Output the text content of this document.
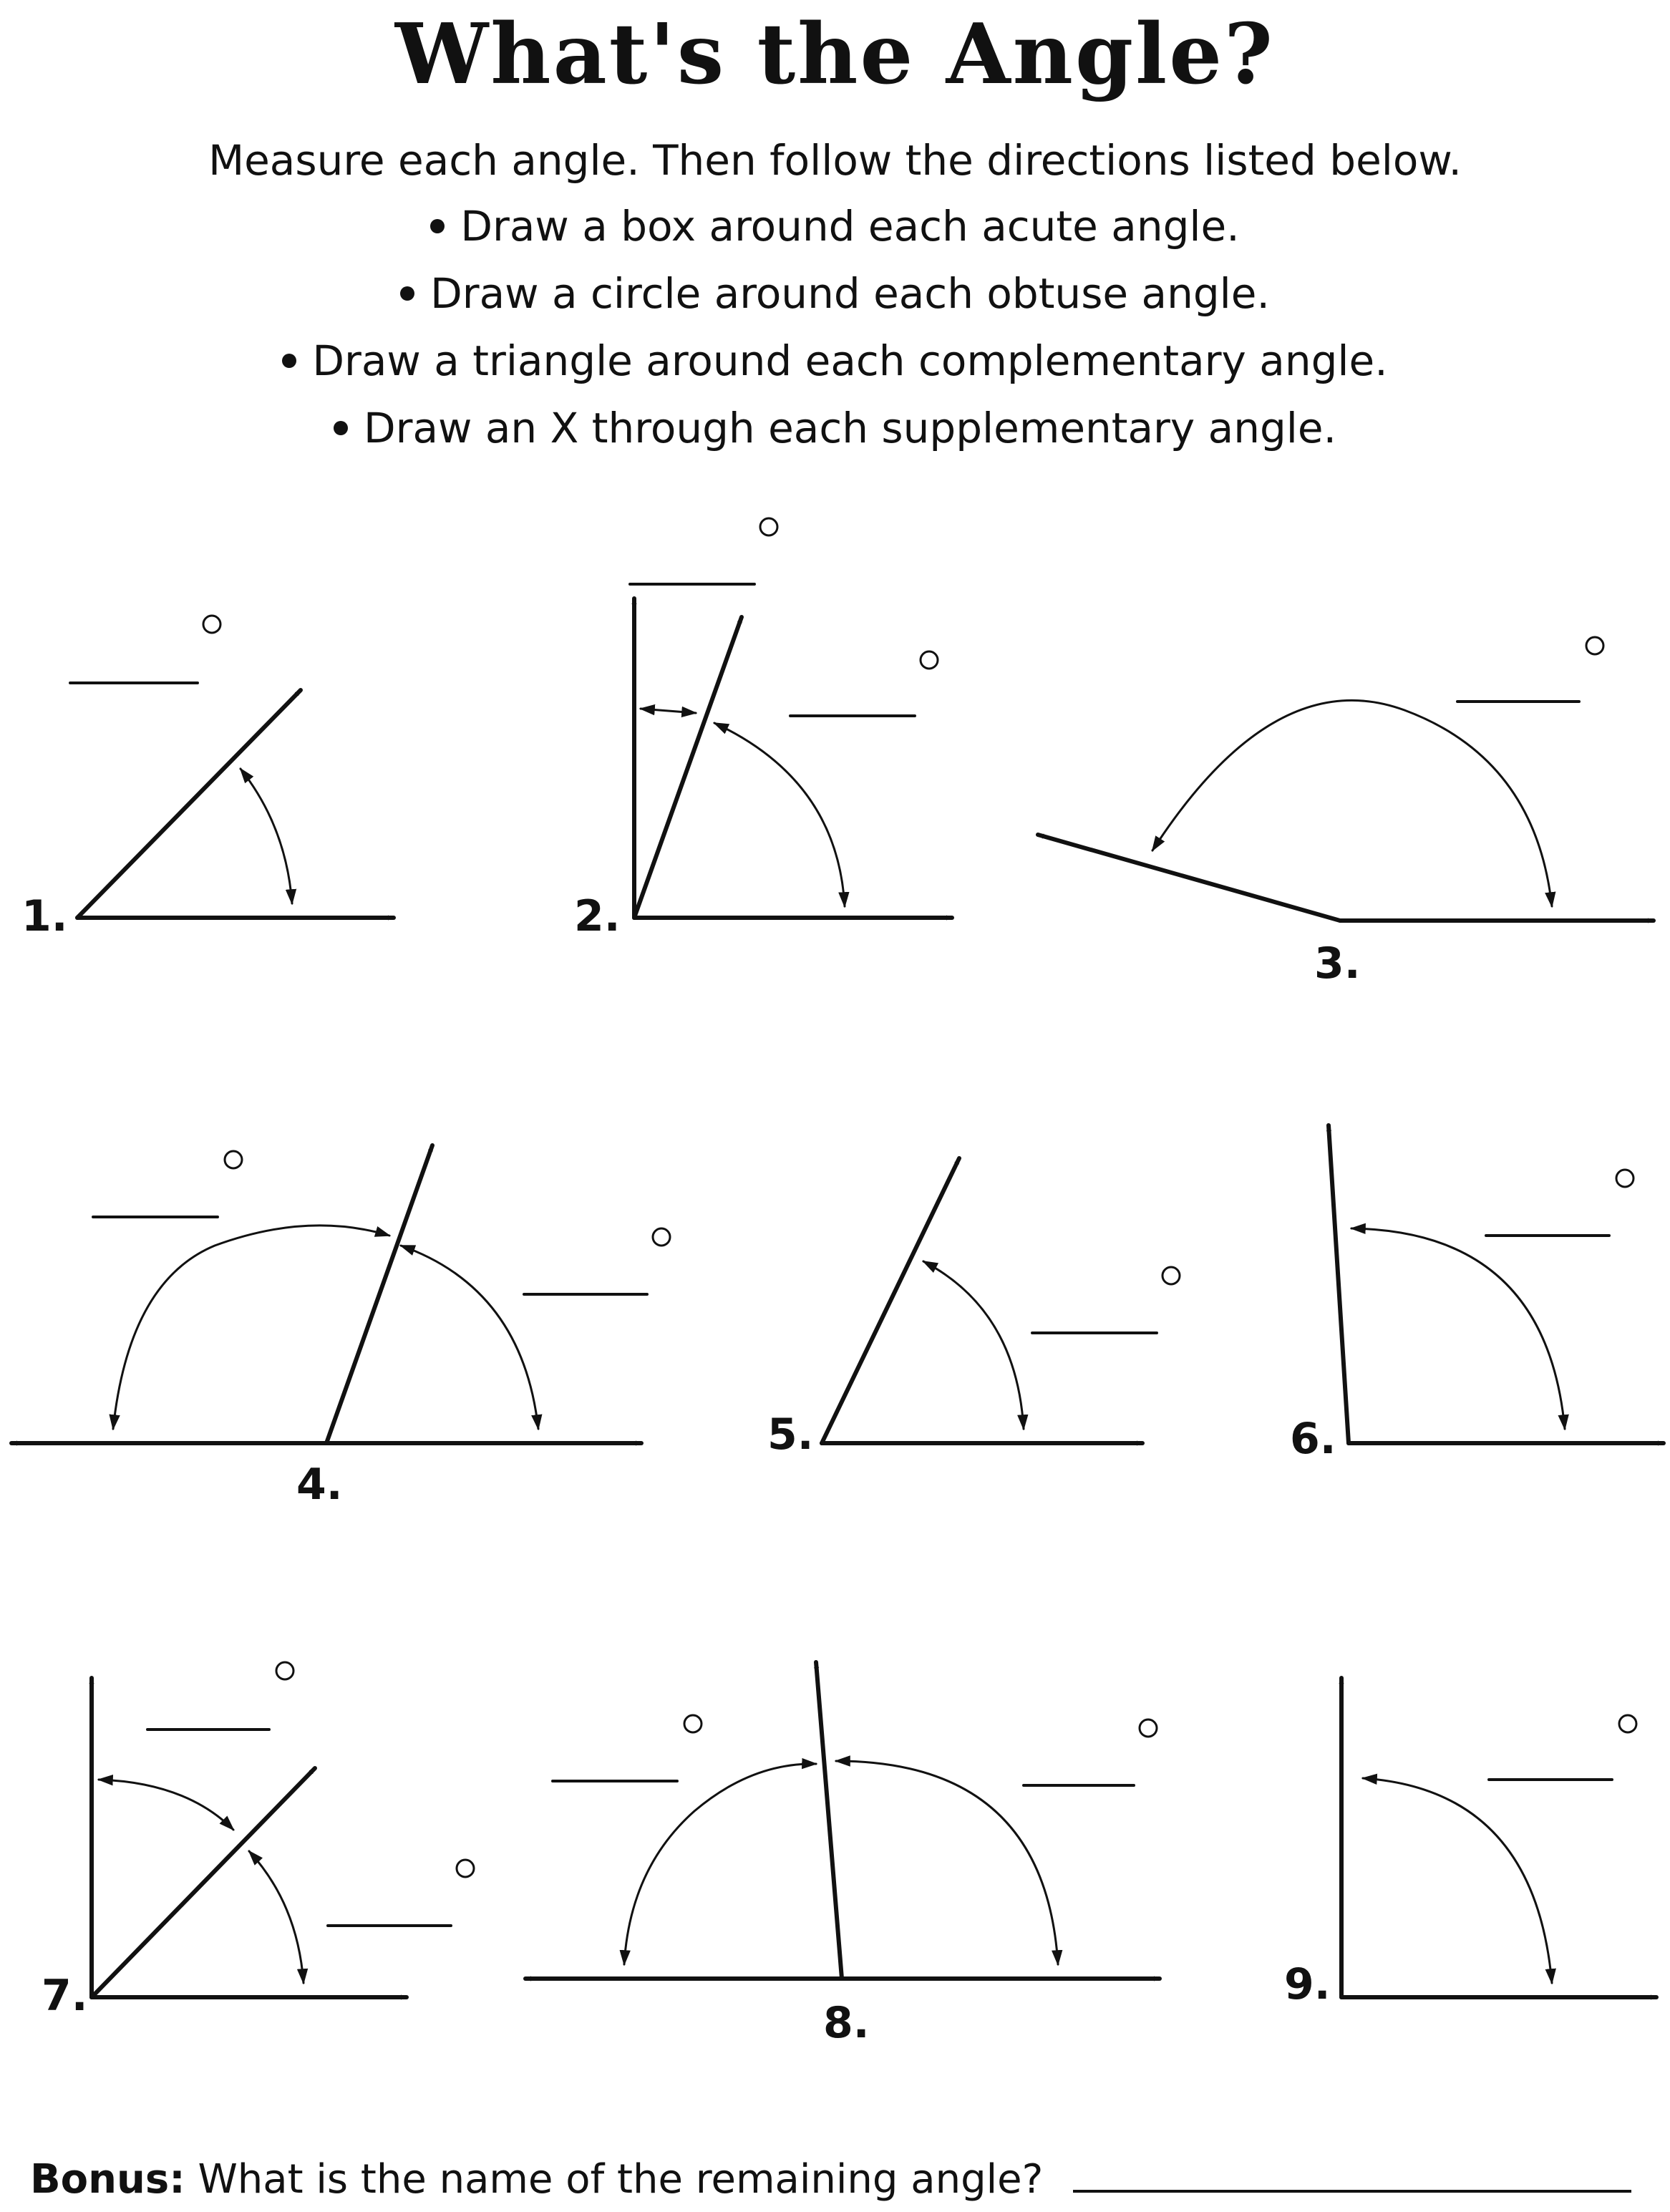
What's the Angle?
Measure each angle. Then follow the directions listed below.
Draw a box around each acute angle.
Draw a circle around each obtuse angle.
Draw a triangle around each complementary angle.
Draw an X through each supplementary angle.
1.	2.
3.
4.
5.	6.
7.
8.
9.
Bonus: What is the name of the remaining angle?
